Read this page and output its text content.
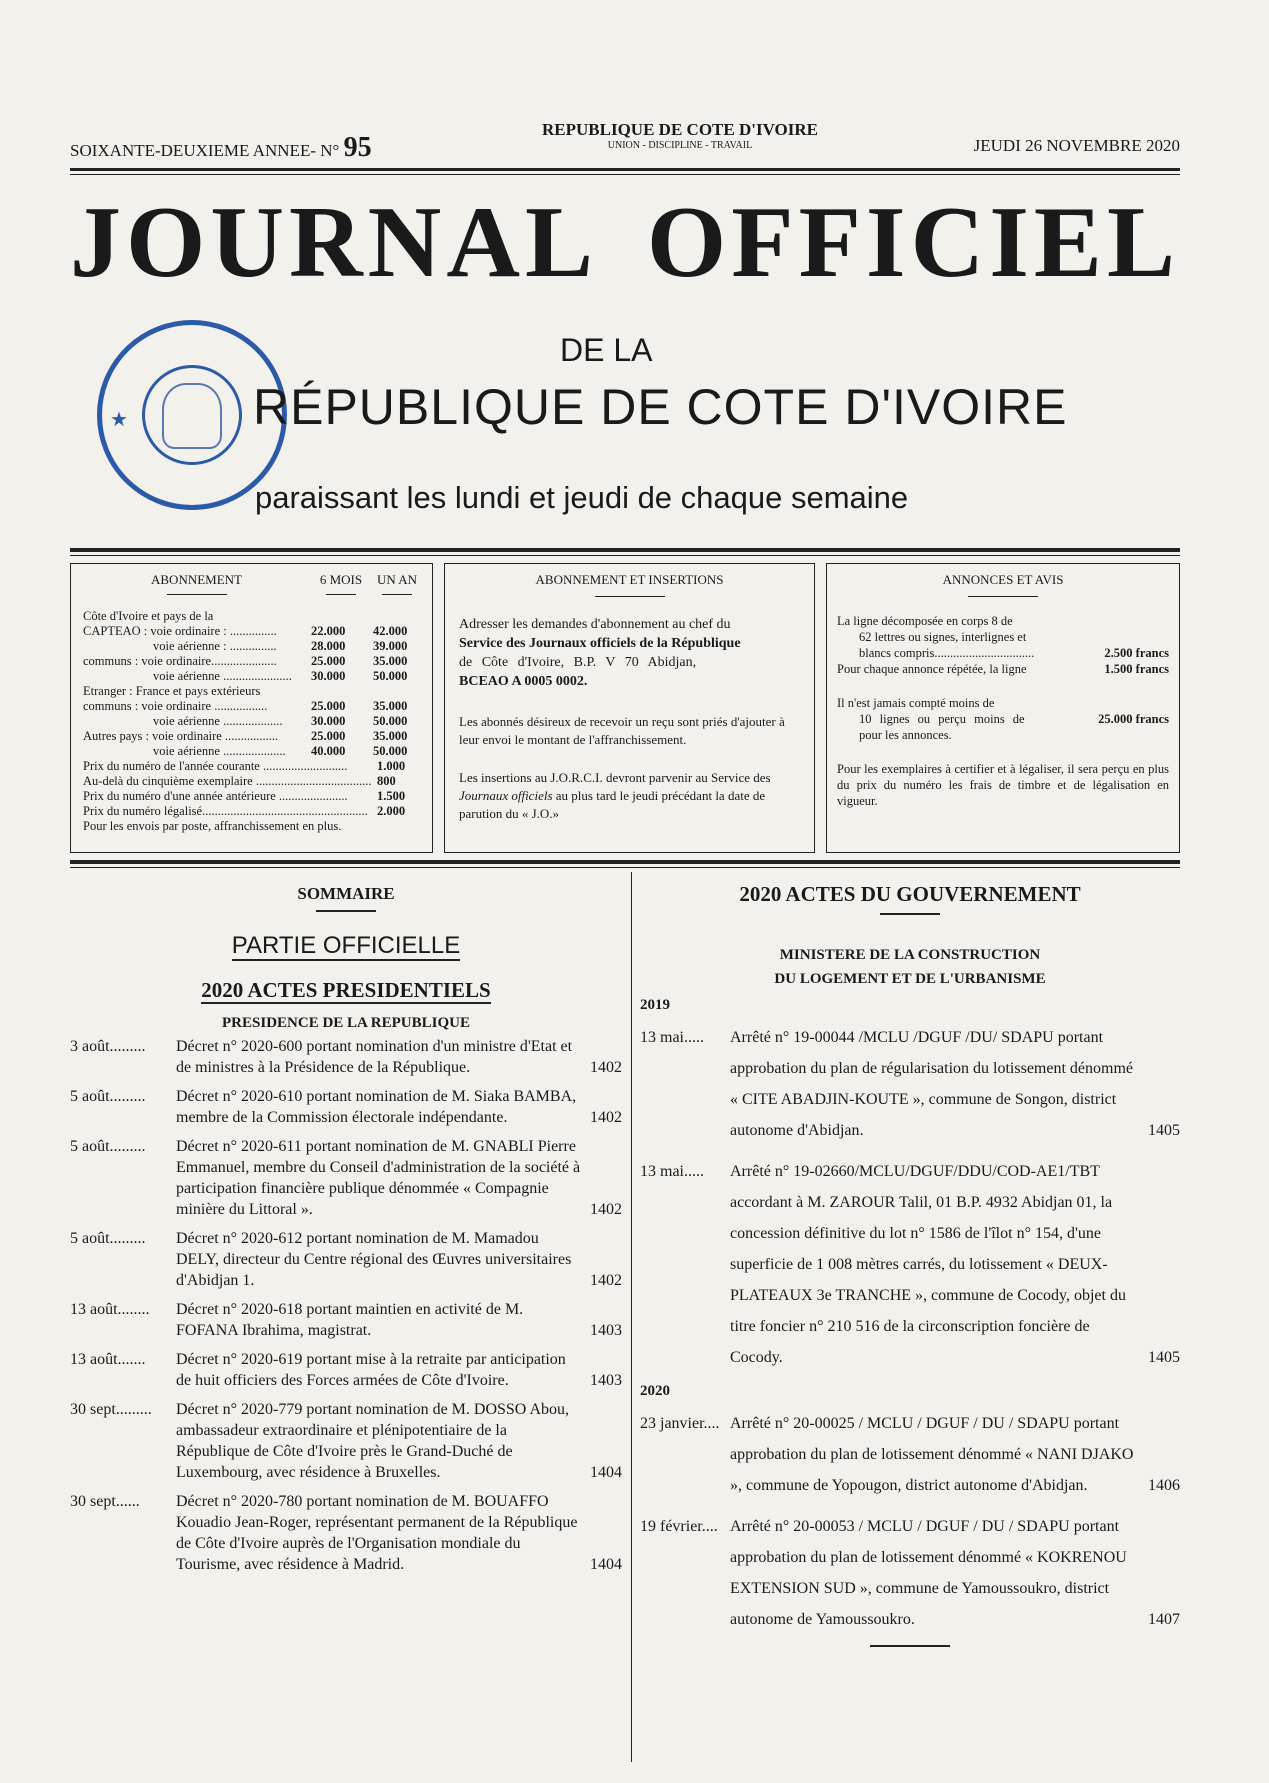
SOIXANTE-DEUXIEME ANNEE- N° 95
REPUBLIQUE DE COTE D'IVOIRE
UNION - DISCIPLINE - TRAVAIL	JEUDI 26 NOVEMBRE 2020
JOURNAL OFFICIEL
★
DE LA
RÉPUBLIQUE DE COTE D'IVOIRE
paraissant les lundi et jeudi de chaque semaine
ABONNEMENT	6 MOIS	UN AN
Côte d'Ivoire et pays de la		
CAPTEAO : voie ordinaire : ...............	22.000	42.000
voie aérienne : ...............	28.000	39.000
communs : voie ordinaire.....................	25.000	35.000
voie aérienne ......................	30.000	50.000
Etranger : France et pays extérieurs		
communs : voie ordinaire .................	25.000	35.000
voie aérienne ...................	30.000	50.000
Autres pays : voie ordinaire .................	25.000	35.000
voie aérienne ....................	40.000	50.000
Prix du numéro de l'année courante ...........................	1.000
Au-delà du cinquième exemplaire .....................................	800
Prix du numéro d'une année antérieure ......................	1.500
Prix du numéro légalisé.....................................................	2.000
Pour les envois par poste, affranchissement en plus.
ABONNEMENT ET INSERTIONS
Adresser les demandes d'abonnement au chef du
Service des Journaux officiels de la République
de Côte d'Ivoire, B.P. V 70 Abidjan,
BCEAO A 0005 0002.
Les abonnés désireux de recevoir un reçu sont priés d'ajouter à leur envoi le montant de l'affranchissement.
Les insertions au J.O.R.C.I. devront parvenir au Service des Journaux officiels au plus tard le jeudi précédant la date de parution du « J.O.»
ANNONCES ET AVIS
La ligne décomposée en corps 8 de
62 lettres ou signes, interlignes et
blancs compris................................	2.500 francs
Pour chaque annonce répétée, la ligne	1.500 francs
Il n'est jamais compté moins de
10 lignes ou perçu moins de	25.000 francs
pour les annonces.
Pour les exemplaires à certifier et à légaliser, il sera perçu en plus du prix du numéro les frais de timbre et de légalisation en vigueur.
SOMMAIRE
PARTIE OFFICIELLE
2020 ACTES PRESIDENTIELS
PRESIDENCE DE LA REPUBLIQUE
3 août.........	Décret n° 2020-600 portant nomination d'un ministre d'Etat et de ministres à la Présidence de la République.	1402
5 août.........	Décret n° 2020-610 portant nomination de M. Siaka BAMBA, membre de la Commission électorale indépendante.	1402
5 août.........	Décret n° 2020-611 portant nomination de M. GNABLI Pierre Emmanuel, membre du Conseil d'administration de la société à participation financière publique dénommée « Compagnie minière du Littoral ».	1402
5 août.........	Décret n° 2020-612 portant nomination de M. Mamadou DELY, directeur du Centre régional des Œuvres universitaires d'Abidjan 1.	1402
13 août........	Décret n° 2020-618 portant maintien en activité de M. FOFANA Ibrahima, magistrat.	1403
13 août.......	Décret n° 2020-619 portant mise à la retraite par anticipation de huit officiers des Forces armées de Côte d'Ivoire.	1403
30 sept.........	Décret n° 2020-779 portant nomination de M. DOSSO Abou, ambassadeur extraordinaire et plénipotentiaire de la République de Côte d'Ivoire près le Grand-Duché de Luxembourg, avec résidence à Bruxelles.	1404
30 sept......	Décret n° 2020-780 portant nomination de M. BOUAFFO Kouadio Jean-Roger, représentant permanent de la République de Côte d'Ivoire auprès de l'Organisation mondiale du Tourisme, avec résidence à Madrid.	1404
2020 ACTES DU GOUVERNEMENT
MINISTERE DE LA CONSTRUCTION
DU LOGEMENT ET DE L'URBANISME
2019
13 mai.....	Arrêté n° 19-00044 /MCLU /DGUF /DU/ SDAPU portant approbation du plan de régularisation du lotissement dénommé « CITE ABADJIN-KOUTE », commune de Songon, district autonome d'Abidjan.	1405
13 mai.....	Arrêté n° 19-02660/MCLU/DGUF/DDU/COD-AE1/TBT accordant à M. ZAROUR Talil, 01 B.P. 4932 Abidjan 01, la concession définitive du lot n° 1586 de l'îlot n° 154, d'une superficie de 1 008 mètres carrés, du lotissement « DEUX-PLATEAUX 3e TRANCHE », commune de Cocody, objet du titre foncier n° 210 516 de la circonscription foncière de Cocody.	1405
2020
23 janvier.... Arrêté n° 20-00025 / MCLU / DGUF / DU / SDAPU portant approbation du plan de lotissement dénommé « NANI DJAKO », commune de Yopougon, district autonome d'Abidjan.	1406
19 février.... Arrêté n° 20-00053 / MCLU / DGUF / DU / SDAPU portant approbation du plan de lotissement dénommé « KOKRENOU EXTENSION SUD », commune de Yamoussoukro, district autonome de Yamoussoukro.	1407
